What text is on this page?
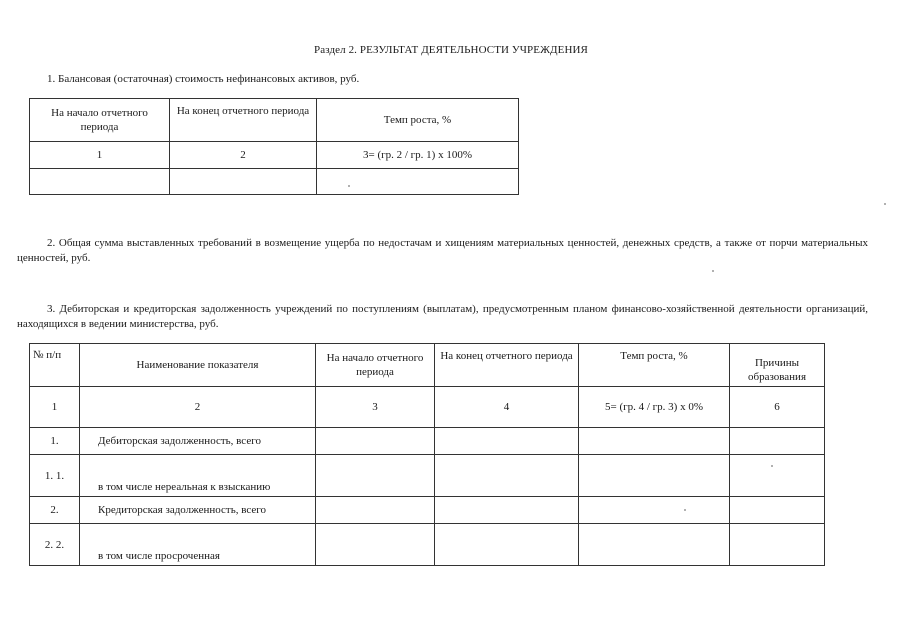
Раздел 2. РЕЗУЛЬТАТ ДЕЯТЕЛЬНОСТИ УЧРЕЖДЕНИЯ
1. Балансовая (остаточная) стоимость нефинансовых активов, руб.
На начало отчетного периода	На конец отчетного периода	Темп роста, %
1	2	3= (гр. 2 / гр. 1) х 100%

2. Общая сумма выставленных требований в возмещение ущерба по недостачам и хищениям материальных ценностей, денежных средств, а также от порчи материальных ценностей, руб.
3. Дебиторская и кредиторская задолженность учреждений по поступлениям (выплатам), предусмотренным планом финансово-хозяйственной деятельности организаций, находящихся в ведении министерства, руб.
№ п/п	Наименование показателя	На начало отчетного периода	На конец отчетного периода	Темп роста, %	Причины образования
1	2	3	4	5= (гр. 4 / гр. 3) х 0%	6
1.	Дебиторская задолженность, всего				
1. 1.	в том числе нереальная к взысканию				
2.	Кредиторская задолженность, всего				
2. 2.	в том числе просроченная				
